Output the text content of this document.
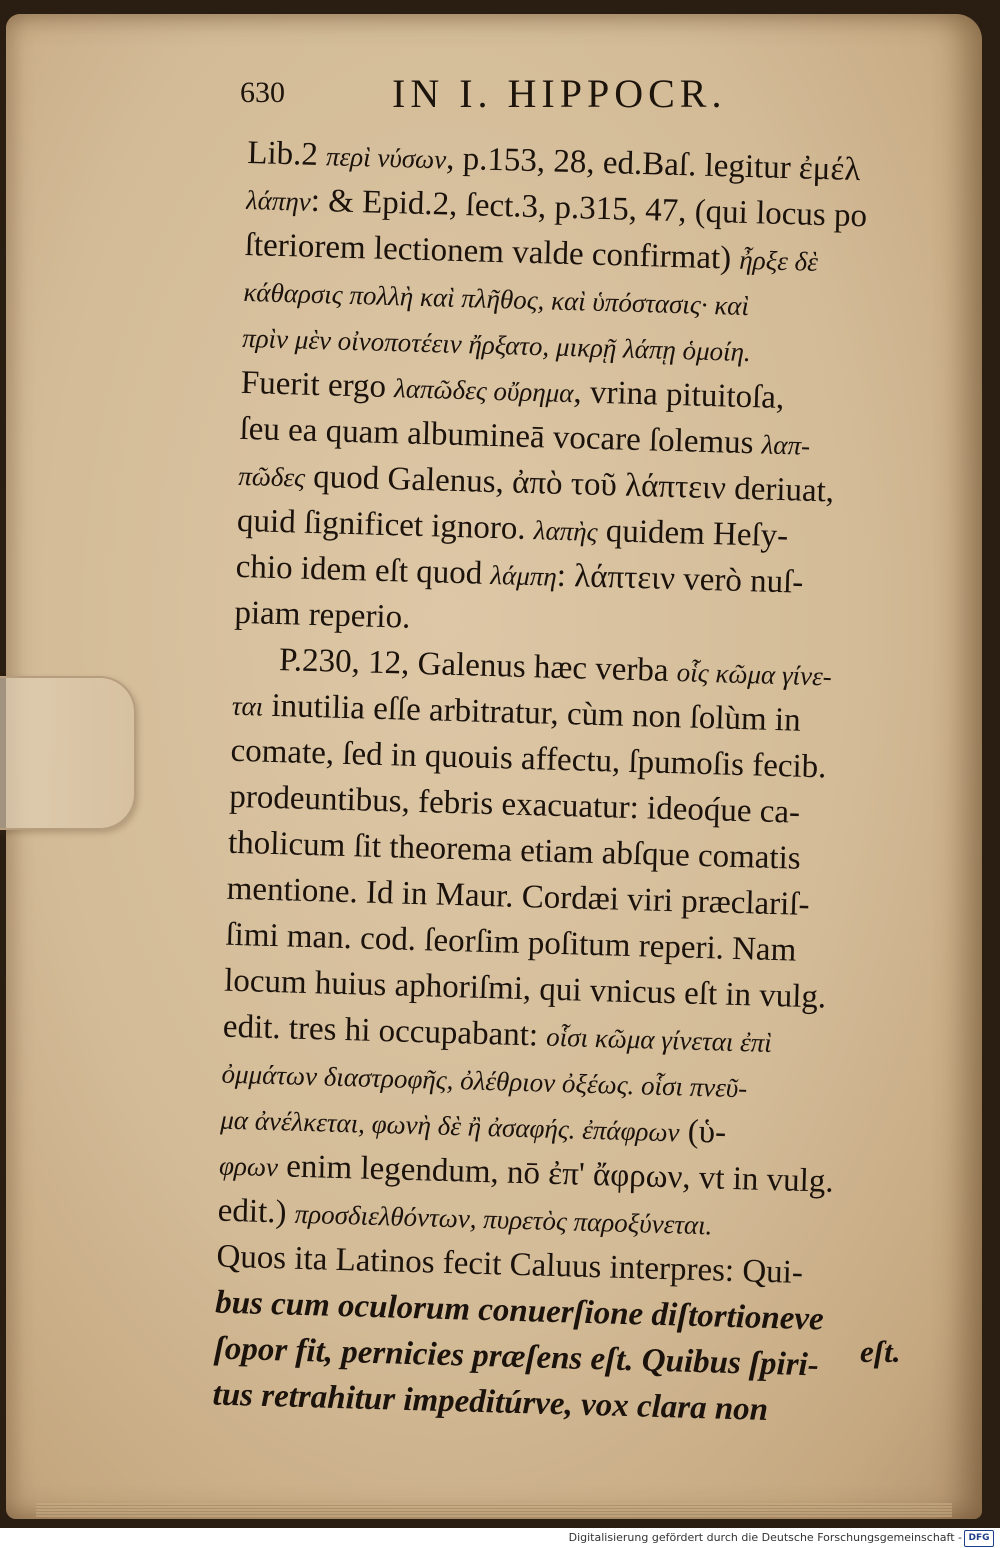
630	IN I. HIPPOCR.
Lib.2 περὶ νύσων, p.153, 28, ed.Baſ. legitur ἐμέλ
λάπην: & Epid.2, ſect.3, p.315, 47, (qui locus po
ſteriorem lectionem valde confirmat) ἦρξε δὲ
κάθαρσις πολλὴ καὶ πλῆθος, καὶ ὑπόστασις· καὶ
πρὶν μὲν οἰνοποτέειν ἤρξατο, μικρῇ λάπῃ ὁμοίη.
Fuerit ergo λαπῶδες οὔρημα, vrina pituitoſa,
ſeu ea quam albumineā vocare ſolemus λαπ-
πῶδες quod Galenus, ἀπὸ τοῦ λάπτειν deriuat,
quid ſignificet ignoro. λαπὴς quidem Heſy-
chio idem eſt quod λάμπη: λάπτειν verò nuſ-
piam reperio.
P.230, 12, Galenus hæc verba οἷς κῶμα γίνε-
ται inutilia eſſe arbitratur, cùm non ſolùm in
comate, ſed in quouis affectu, ſpumoſis fecib.
prodeuntibus, febris exacuatur: ideoq́ue ca-
tholicum ſit theorema etiam abſque comatis
mentione. Id in Maur. Cordæi viri præclariſ-
ſimi man. cod. ſeorſim poſitum reperi. Nam
locum huius aphoriſmi, qui vnicus eſt in vulg.
edit. tres hi occupabant: οἷσι κῶμα γίνεται ἐπὶ
ὀμμάτων διαστροφῆς, ὀλέθριον ὀξέως. οἷσι πνεῦ-
μα ἀνέλκεται, φωνὴ δὲ ἢ ἀσαφής. ἐπάφρων (ὑ-
φρων enim legendum, nō ἐπ' ἄφρων, vt in vulg.
edit.) προσδιελθόντων, πυρετὸς παροξύνεται.
Quos ita Latinos fecit Caluus interpres: Qui-
bus cum oculorum conuerſione diſtortioneve
ſopor fit, pernicies præſens eſt. Quibus ſpiri-
tus retrahitur impeditúrve, vox clara non
eſt.
Digitalisierung gefördert durch die Deutsche Forschungsgemeinschaft - DFG
